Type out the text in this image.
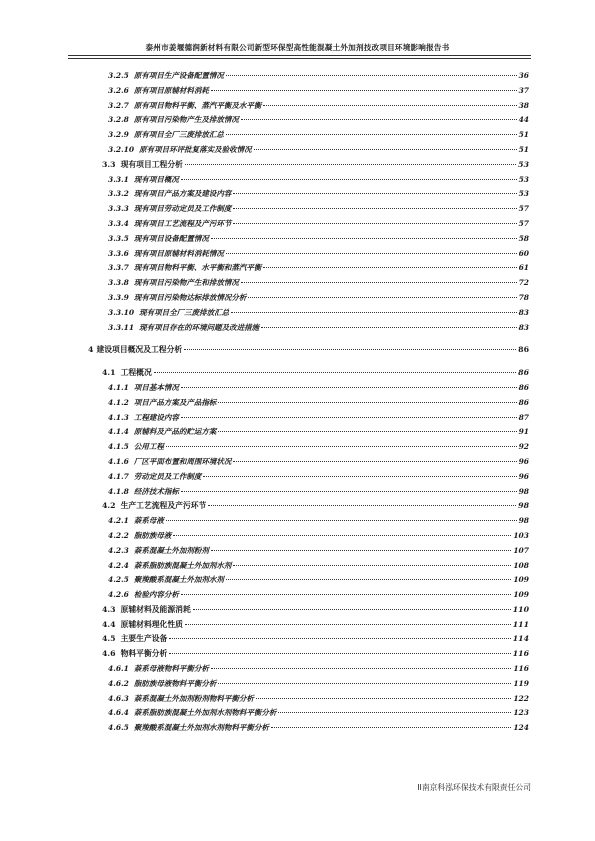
泰州市姜堰德润新材料有限公司新型环保型高性能混凝土外加剂技改项目环境影响报告书
3.2.5 原有项目生产设备配置情况	36
3.2.6 原有项目原辅材料消耗	37
3.2.7 原有项目物料平衡、蒸汽平衡及水平衡	38
3.2.8 原有项目污染物产生及排放情况	44
3.2.9 原有项目全厂三废排放汇总	51
3.2.10 原有项目环评批复落实及验收情况	51
3.3 现有项目工程分析	53
3.3.1 现有项目概况	53
3.3.2 现有项目产品方案及建设内容	53
3.3.3 现有项目劳动定员及工作制度	57
3.3.4 现有项目工艺流程及产污环节	57
3.3.5 现有项目设备配置情况	58
3.3.6 现有项目原辅材料消耗情况	60
3.3.7 现有项目物料平衡、水平衡和蒸汽平衡	61
3.3.8 现有项目污染物产生和排放情况	72
3.3.9 现有项目污染物达标排放情况分析	78
3.3.10 现有项目全厂三废排放汇总	83
3.3.11 现有项目存在的环境问题及改进措施	83
4 建设项目概况及工程分析	86
4.1 工程概况	86
4.1.1 项目基本情况	86
4.1.2 项目产品方案及产品指标	86
4.1.3 工程建设内容	87
4.1.4 原辅料及产品的贮运方案	91
4.1.5 公用工程	92
4.1.6 厂区平面布置和周围环境状况	96
4.1.7 劳动定员及工作制度	96
4.1.8 经济技术指标	98
4.2 生产工艺流程及产污环节	98
4.2.1 萘系母液	98
4.2.2 脂肪族母液	103
4.2.3 萘系混凝土外加剂粉剂	107
4.2.4 萘系脂肪族混凝土外加剂水剂	108
4.2.5 聚羧酸系混凝土外加剂水剂	109
4.2.6 检验内容分析	109
4.3 原辅材料及能源消耗	110
4.4 原辅材料理化性质	111
4.5 主要生产设备	114
4.6 物料平衡分析	116
4.6.1 萘系母液物料平衡分析	116
4.6.2 脂肪族母液物料平衡分析	119
4.6.3 萘系混凝土外加剂粉剂物料平衡分析	122
4.6.4 萘系脂肪族混凝土外加剂水剂物料平衡分析	123
4.6.5 聚羧酸系混凝土外加剂水剂物料平衡分析	124
II南京科泓环保技术有限责任公司
